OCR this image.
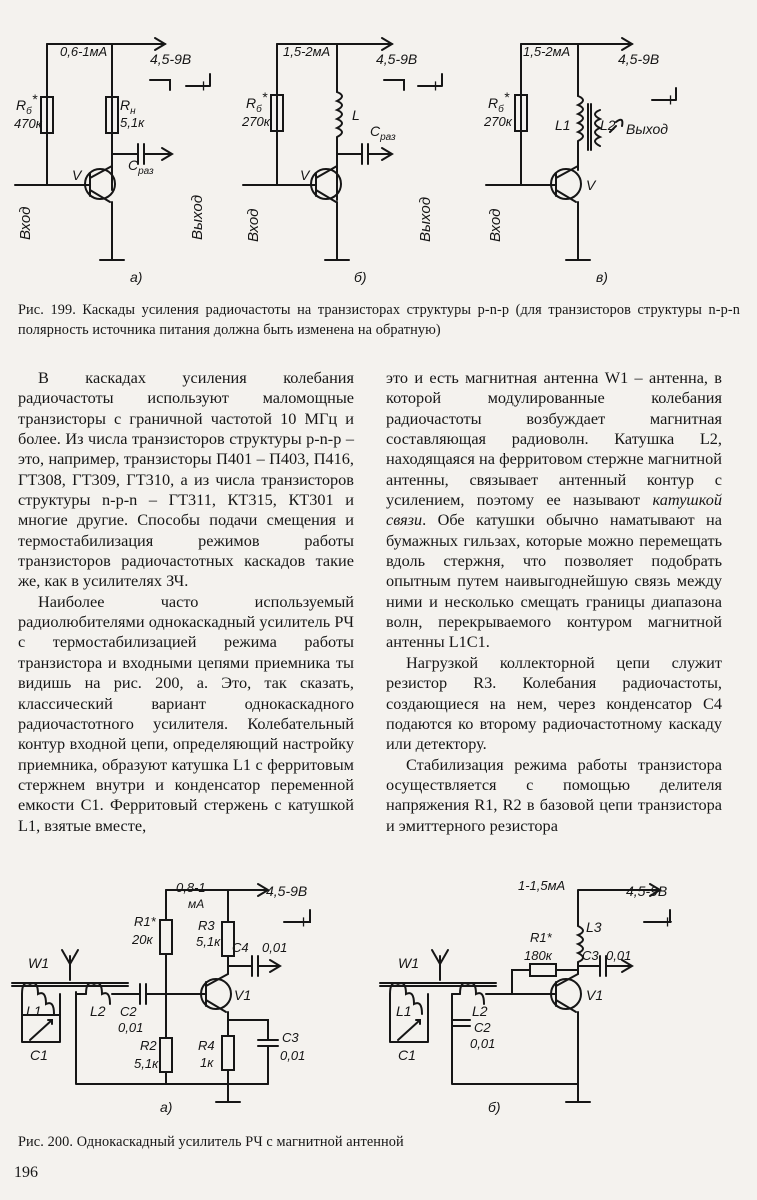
0,6-1мА	4,5-9В
$R_б*$
470к
$R_н$
5,1к
$C_{раз}$
V
Вход	Выход
а)
+
1,5-2мА	4,5-9В
$R_б*$
270к	L
$C_{раз}$
V
Вход	Выход
б)
+
1,5-2мА	4,5-9В
$R_б*$
270к	L1 L2 Выход
V
Вход
в)
+
Рис. 199. Каскады усиления радиочастоты на транзисторах структуры p-n-p (для транзисторов структуры n-p-n полярность источника питания должна быть изменена на обратную)

В каскадах усиления колебания радиочастоты используют маломощные транзисторы с граничной частотой 10 МГц и более. Из числа транзисторов структуры p-n-p – это, например, транзисторы П401 – П403, П416, ГТ308, ГТ309, ГТ310, а из числа транзисторов структуры n-p-n – ГТ311, КТ315, КТ301 и многие другие. Способы подачи смещения и термостабилизация режимов работы транзисторов радиочастотных каскадов такие же, как в усилителях ЗЧ.

Наиболее часто используемый радиолюбителями однокаскадный усилитель РЧ с термостабилизацией режима работы транзистора и входными цепями приемника ты видишь на рис. 200, а. Это, так сказать, классический вариант однокаскадного радиочастотного усилителя. Колебательный контур входной цепи, определяющий настройку приемника, образуют катушка L1 с ферритовым стержнем внутри и конденсатор переменной емкости C1. Ферритовый стержень с катушкой L1, взятые вместе,

это и есть магнитная антенна W1 – антенна, в которой модулированные колебания радиочастоты возбуждает магнитная составляющая радиоволн. Катушка L2, находящаяся на ферритовом стержне магнитной антенны, связывает антенный контур с усилением, поэтому ее называют катушкой связи. Обе катушки обычно наматывают на бумажных гильзах, которые можно перемещать вдоль стержня, что позволяет подобрать опытным путем наивыгоднейшую связь между ними и несколько смещать границы диапазона волн, перекрываемого контуром магнитной антенны L1C1.

Нагрузкой коллекторной цепи служит резистор R3. Колебания радиочастоты, создающиеся на нем, через конденсатор C4 подаются ко второму радиочастотному каскаду или детектору.

Стабилизация режима работы транзистора осуществляется с помощью делителя напряжения R1, R2 в базовой цепи транзистора и эмиттерного резистора

0,8-1
мА
4,5-9В
W1
L1	L2
C1
C2
0,01
R1*
20к
R2
5,1к
R3
5,1к
R4
1к
C3
0,01
C4 0,01
V1
а)
+
1-1,5мА	4,5-9В
W1
L1	L2
L3
C1
C2
0,01
R1*
180к C3 0,01
V1
б)
+
Рис. 200. Однокаскадный усилитель РЧ с магнитной антенной
196
